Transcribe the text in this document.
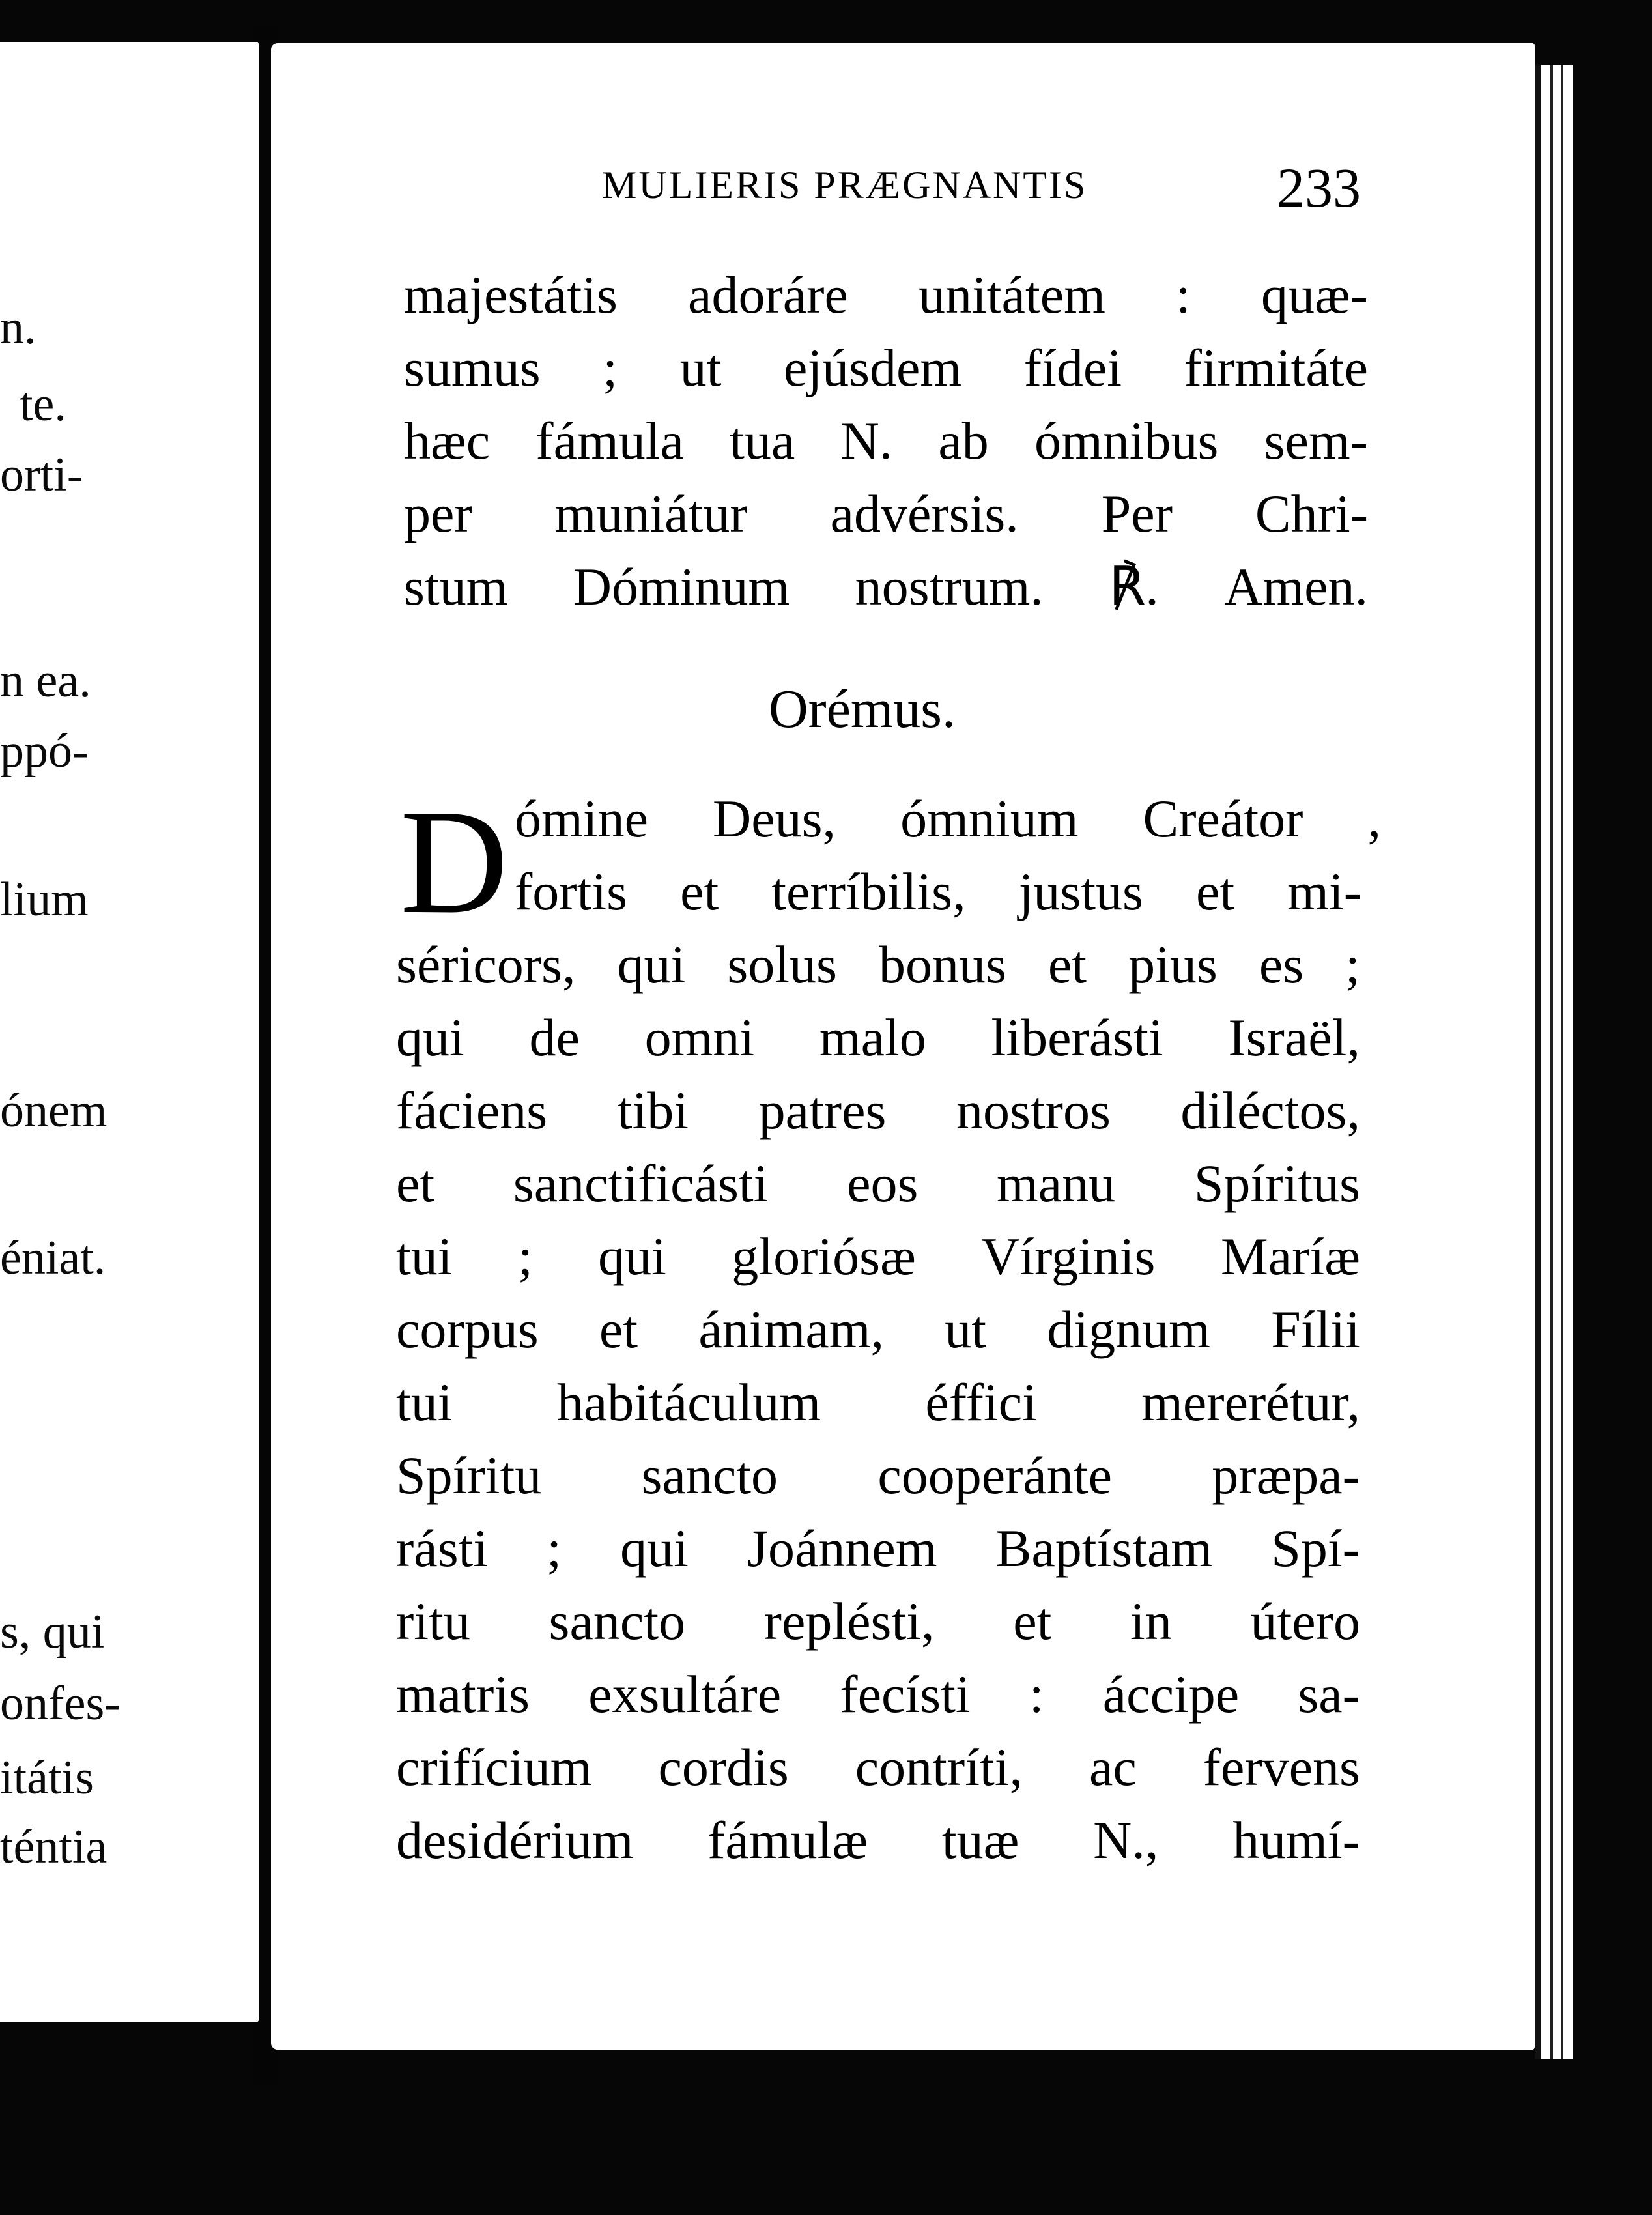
n.
te.
orti-
n ea.
ppó-
lium
ónem
éniat.
s, qui
onfes-
itátis
téntia
MULIERIS PRÆGNANTIS	233
majestátis adoráre unitátem : quæ-
sumus ; ut ejúsdem fídei firmitáte
hæc fámula tua N. ab ómnibus sem-
per muniátur advérsis. Per Chri-
stum Dóminum nostrum. ℟. Amen.
Orémus.
D ómine Deus, ómnium Creátor ,
fortis et terríbilis, justus et mi-
séricors, qui solus bonus et pius es ;
qui de omni malo liberásti Israël,
fáciens tibi patres nostros diléctos,
et sanctificásti eos manu Spíritus
tui ; qui gloriósæ Vírginis Maríæ
corpus et ánimam, ut dignum Fílii
tui habitáculum éffici mererétur,
Spíritu sancto cooperánte præpa-
rásti ; qui Joánnem Baptístam Spí-
ritu sancto replésti, et in útero
matris exsultáre fecísti : áccipe sa-
crifícium cordis contríti, ac fervens
desidérium fámulæ tuæ N., humí-
